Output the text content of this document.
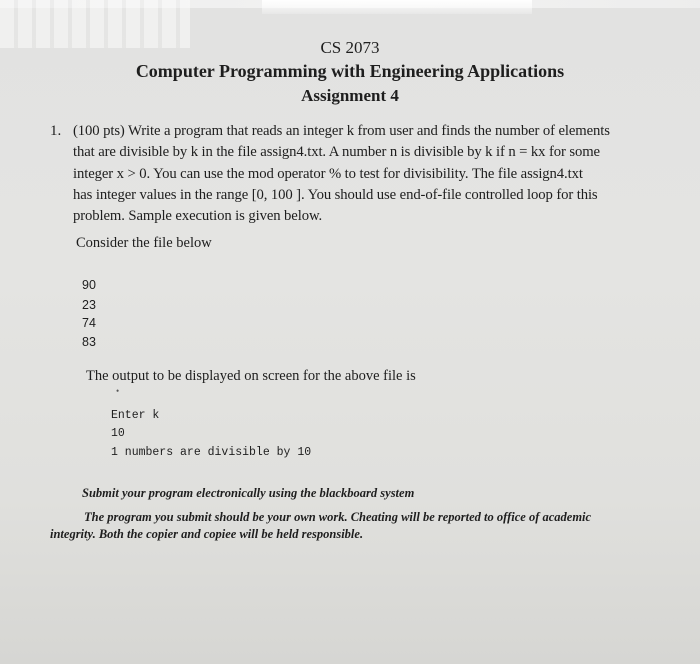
CS 2073
Computer Programming with Engineering Applications
Assignment 4
1. (100 pts) Write a program that reads an integer k from user and finds the number of elements
that are divisible by k in the file assign4.txt. A number n is divisible by k if n = kx for some
integer x > 0. You can use the mod operator % to test for divisibility. The file assign4.txt
has integer values in the range [0, 100 ]. You should use end-of-file controlled loop for this
problem. Sample execution is given below.
Consider the file below
90
23
74
83
The output to be displayed on screen for the above file is
•
Enter k
10
1 numbers are divisible by 10
Submit your program electronically using the blackboard system
The program you submit should be your own work. Cheating will be reported to office of academic
integrity. Both the copier and copiee will be held responsible.
